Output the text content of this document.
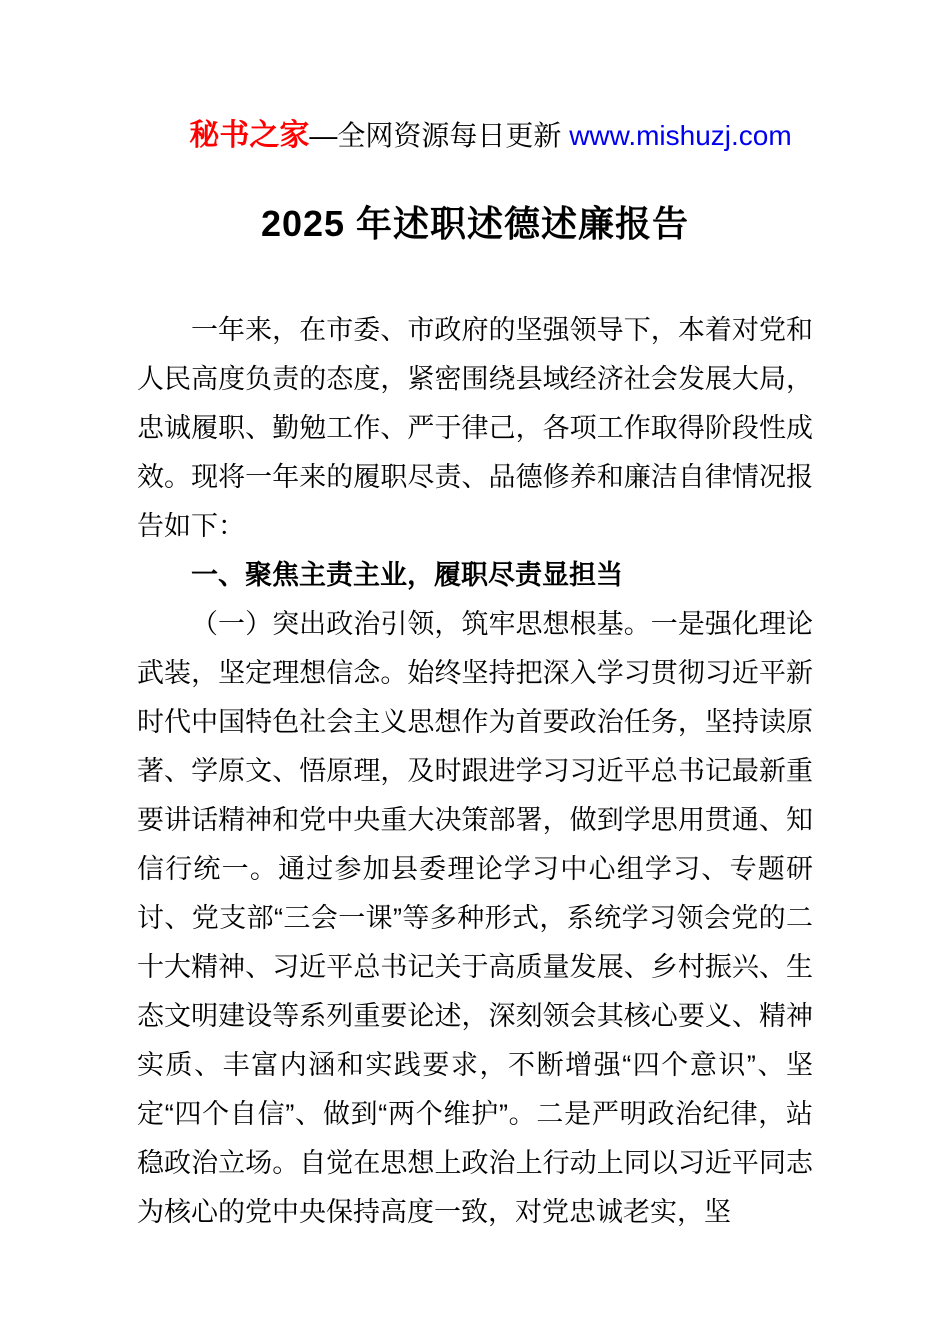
秘书之家—全网资源每日更新 www.mishuzj.com

2025 年述职述德述廉报告
一年来，在市委、市政府的坚强领导下，本着对党和人民高度负责的态度，紧密围绕县域经济社会发展大局，忠诚履职、勤勉工作、严于律己，各项工作取得阶段性成效。现将一年来的履职尽责、品德修养和廉洁自律情况报告如下：
一、聚焦主责主业，履职尽责显担当
（一）突出政治引领，筑牢思想根基。一是强化理论武装，坚定理想信念。始终坚持把深入学习贯彻习近平新时代中国特色社会主义思想作为首要政治任务，坚持读原著、学原文、悟原理，及时跟进学习习近平总书记最新重要讲话精神和党中央重大决策部署，做到学思用贯通、知信行统一。通过参加县委理论学习中心组学习、专题研讨、党支部“三会一课”等多种形式，系统学习领会党的二十大精神、习近平总书记关于高质量发展、乡村振兴、生态文明建设等系列重要论述，深刻领会其核心要义、精神实质、丰富内涵和实践要求，不断增强“四个意识”、坚定“四个自信”、做到“两个维护”。二是严明政治纪律，站稳政治立场。自觉在思想上政治上行动上同以习近平同志为核心的党中央保持高度一致，对党忠诚老实，坚
